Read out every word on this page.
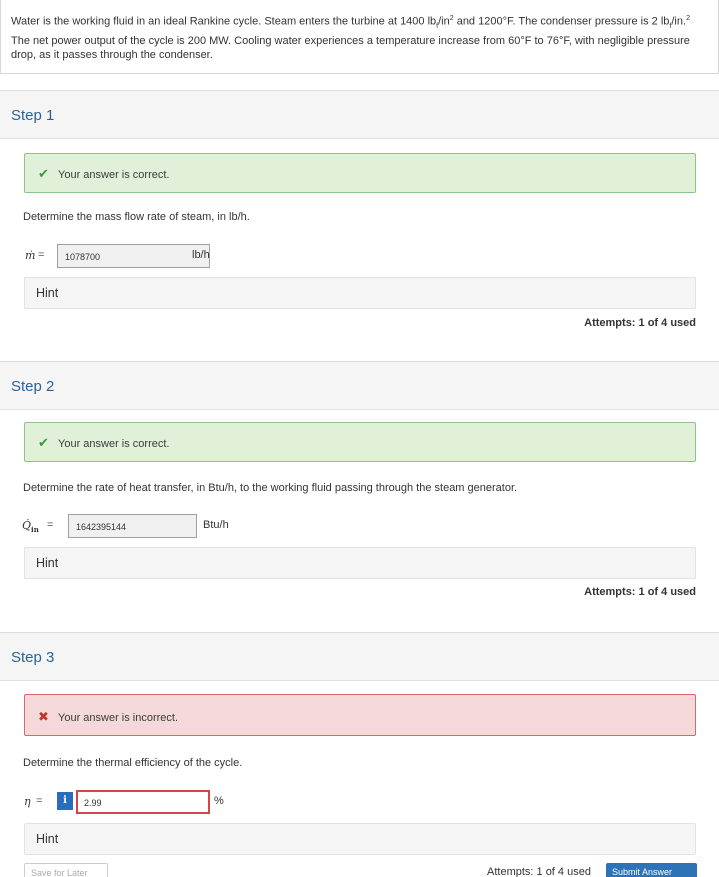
Water is the working fluid in an ideal Rankine cycle. Steam enters the turbine at 1400 $lb_f/in^2$ and 1200°F. The condenser pressure is 2 $lb_f/in.^2$ The net power output of the cycle is 200 MW. Cooling water experiences a temperature increase from 60°F to 76°F, with negligible pressure drop, as it passes through the condenser.
Step 1
✔ Your answer is correct.
Determine the mass flow rate of steam, in lb/h.
ṁ =	1078700	lb/h
Hint
Attempts: 1 of 4 used
Step 2
✔ Your answer is correct.
Determine the rate of heat transfer, in Btu/h, to the working fluid passing through the steam generator.
$Q̇_{in}$ =	1642395144	Btu/h
Hint
Attempts: 1 of 4 used
Step 3
✖ Your answer is incorrect.
Determine the thermal efficiency of the cycle.
η =	i	2.99	%
Hint
Save for Later	Attempts: 1 of 4 used	Submit Answer
